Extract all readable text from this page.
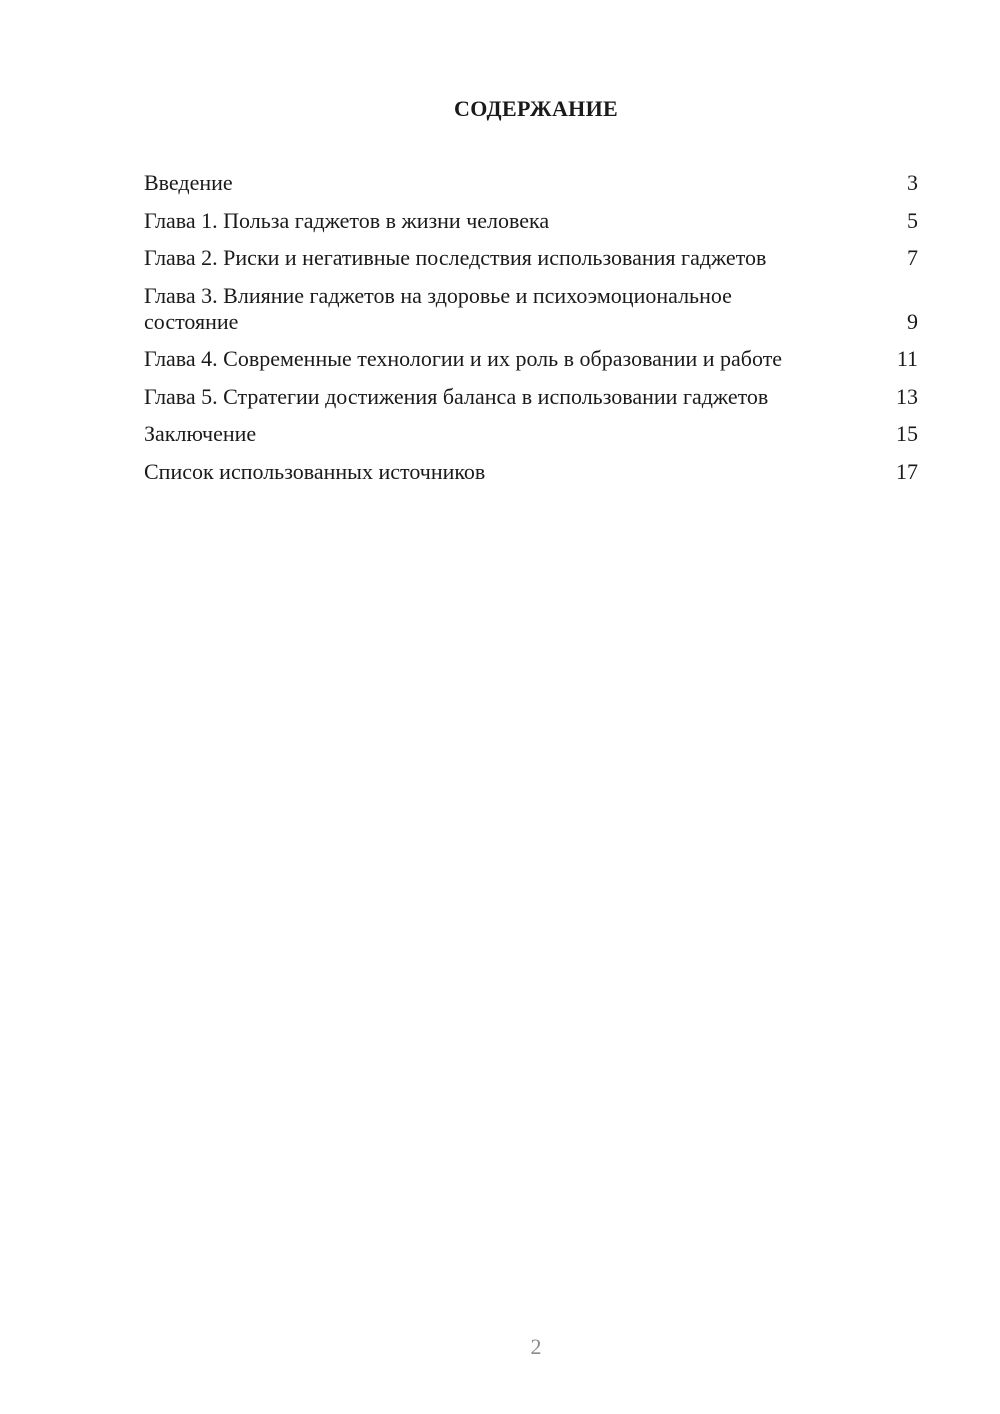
СОДЕРЖАНИЕ
Введение	3
Глава 1. Польза гаджетов в жизни человека	5
Глава 2. Риски и негативные последствия использования гаджетов	7
Глава 3. Влияние гаджетов на здоровье и психоэмоциональное состояние	9
Глава 4. Современные технологии и их роль в образовании и работе	11
Глава 5. Стратегии достижения баланса в использовании гаджетов	13
Заключение	15
Список использованных источников	17
2
